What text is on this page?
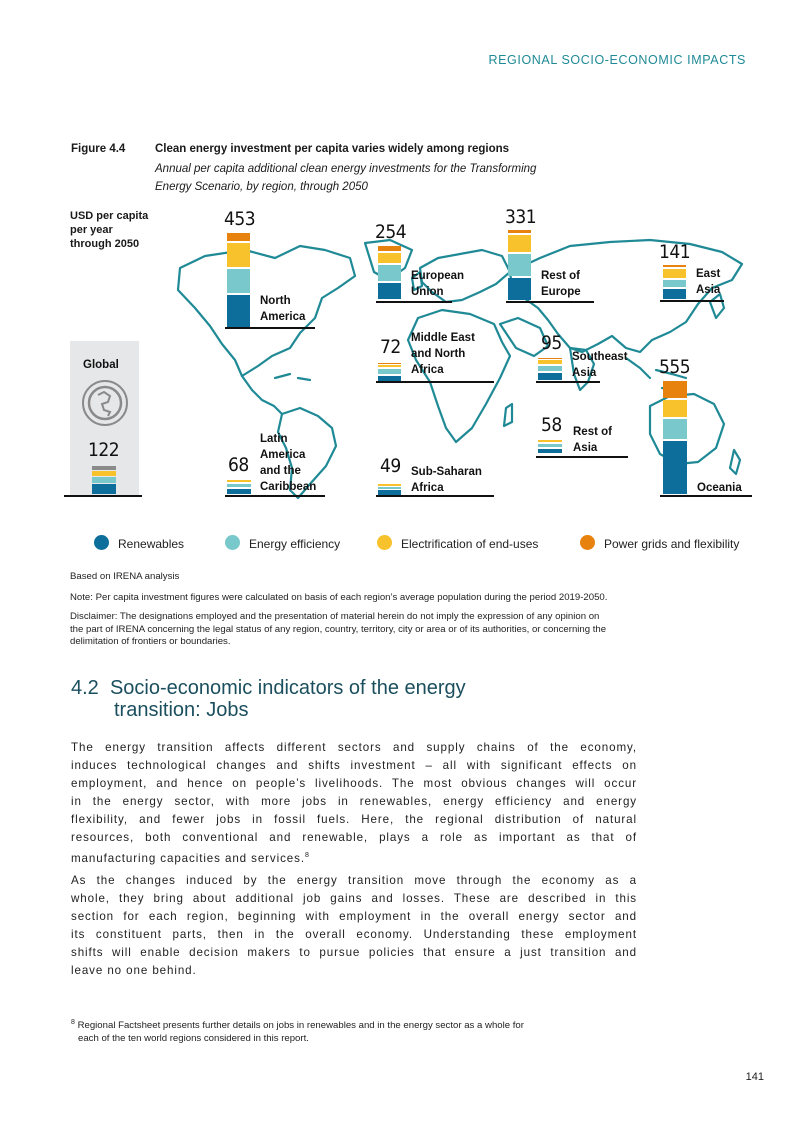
REGIONAL SOCIO-ECONOMIC IMPACTS
Figure 4.4	Clean energy investment per capita varies widely among regions
Annual per capita additional clean energy investments for the Transforming
Energy Scenario, by region, through 2050
USD per capita
per year
through 2050
Global
122
453
North
America
254
European
Union
331
Rest of
Europe
141
East
Asia
72 Middle East
and North
Africa
95
Southeast
Asia	555
Oceania
68
Latin
America
and the
Caribbean
49 Sub-Saharan
Africa
58 Rest of
Asia
Renewables	Energy efficiency	Electrification of end-uses	Power grids and flexibility
Based on IRENA analysis
Note: Per capita investment figures were calculated on basis of each region’s average population during the period 2019-2050.
Disclaimer: The designations employed and the presentation of material herein do not imply the expression of any opinion on
the part of IRENA concerning the legal status of any region, country, territory, city or area or of its authorities, or concerning the
delimitation of frontiers or boundaries.
4.2 Socio-economic indicators of the energy
transition: Jobs
The energy transition affects different sectors and supply chains of the economy,
induces technological changes and shifts investment – all with significant effects on
employment, and hence on people’s livelihoods. The most obvious changes will occur
in the energy sector, with more jobs in renewables, energy efficiency and energy
flexibility, and fewer jobs in fossil fuels. Here, the regional distribution of natural
resources, both conventional and renewable, plays a role as important as that of
manufacturing capacities and services.$^8$
As the changes induced by the energy transition move through the economy as a
whole, they bring about additional job gains and losses. These are described in this
section for each region, beginning with employment in the overall energy sector and
its constituent parts, then in the overall economy. Understanding these employment
shifts will enable decision makers to pursue policies that ensure a just transition and
leave no one behind.
$^8$ Regional Factsheet presents further details on jobs in renewables and in the energy sector as a whole for
each of the ten world regions considered in this report.
141
